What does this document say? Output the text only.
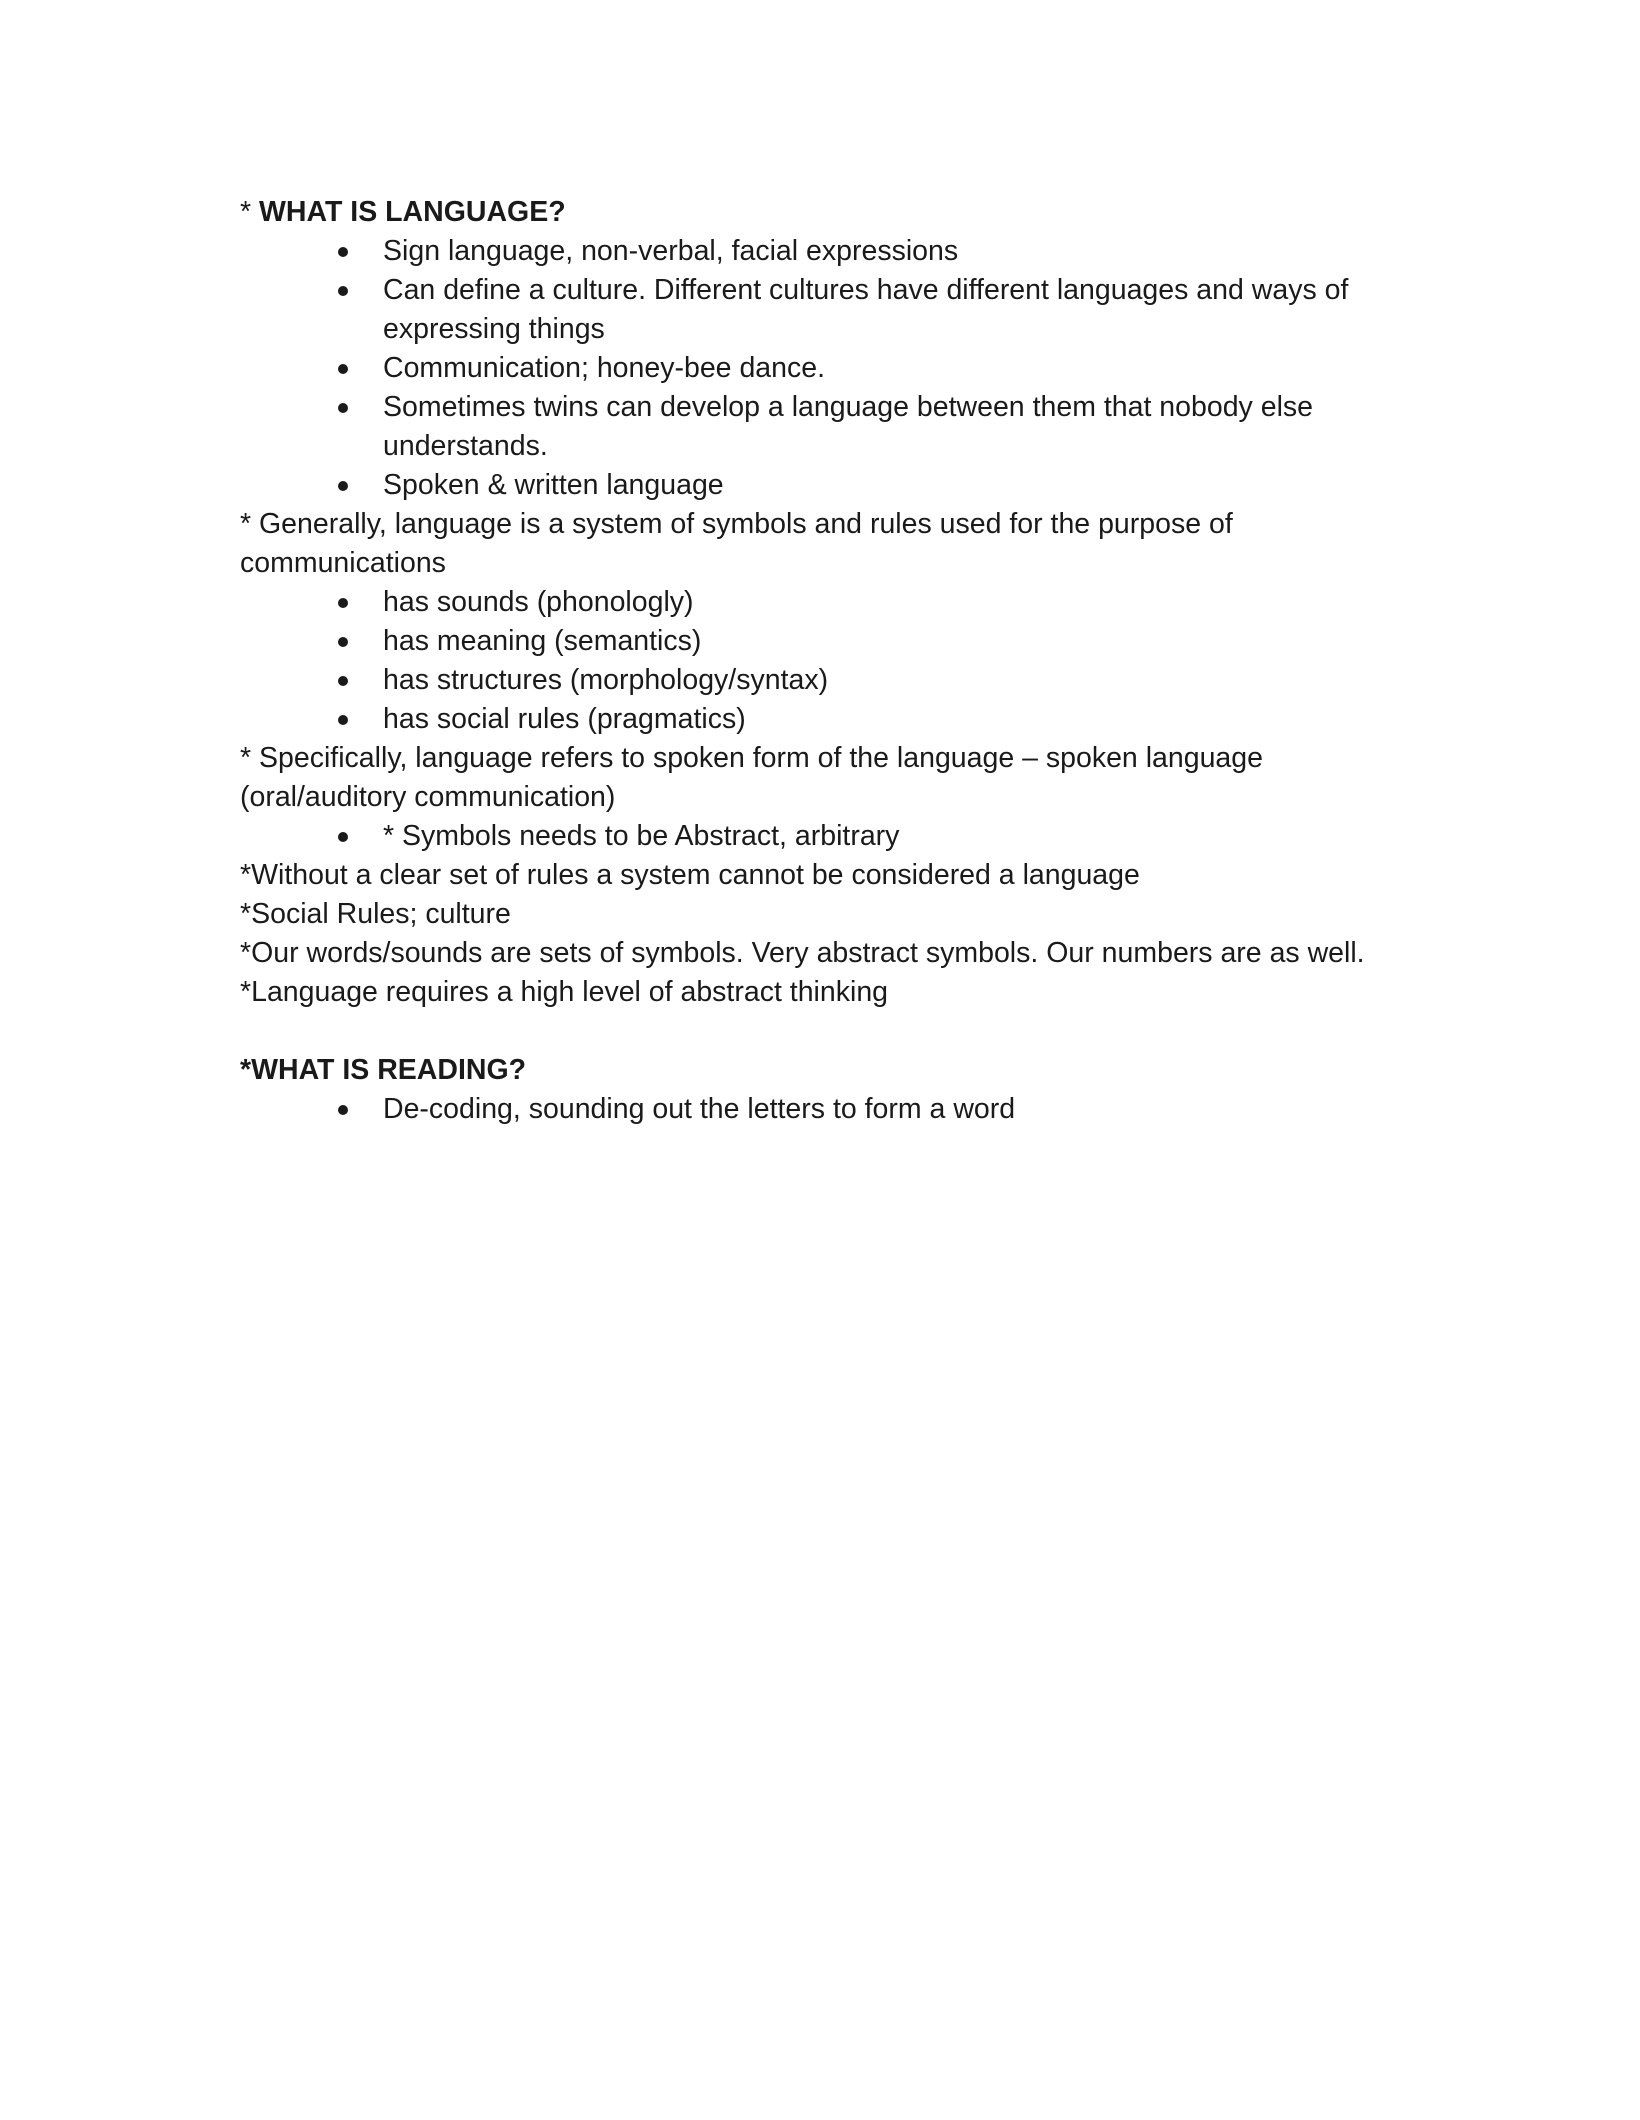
* WHAT IS LANGUAGE?

Sign language, non-verbal, facial expressions
Can define a culture. Different cultures have different languages and ways of expressing things
Communication; honey-bee dance.
Sometimes twins can develop a language between them that nobody else understands.
Spoken & written language

* Generally, language is a system of symbols and rules used for the purpose of communications

has sounds (phonologly)
has meaning (semantics)
has structures (morphology/syntax)
has social rules (pragmatics)

* Specifically, language refers to spoken form of the language – spoken language (oral/auditory communication)

* Symbols needs to be Abstract, arbitrary

*Without a clear set of rules a system cannot be considered a language

*Social Rules; culture

*Our words/sounds are sets of symbols. Very abstract symbols. Our numbers are as well.

*Language requires a high level of abstract thinking

*WHAT IS READING?

De-coding, sounding out the letters to form a word
